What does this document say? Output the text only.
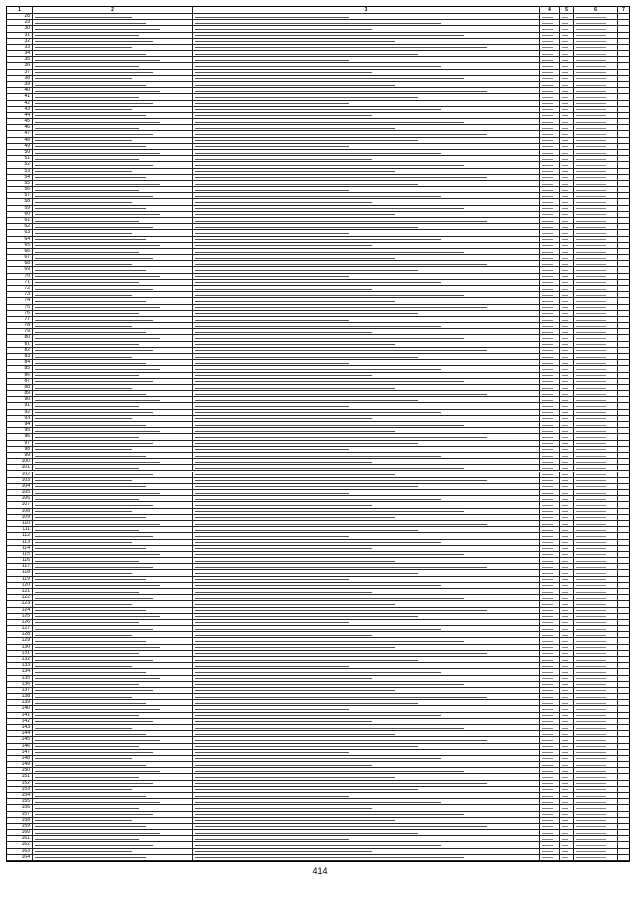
1	2	3	4	5	6	7
28
29
30
31
32
33
34
35
36
37
38
39
40
41
42
43
44
45
46
47
48
49
50
51
52
53
54
55
56
57
58
59
60
61
62
63
64
65
66
67
68
69
70
71
72
73
74
75
76
77
78
79
80
81
82
83
84
85
86
87
88
89
90
91
92
93
94
95
96
97
98
99
100
101
102
103
104
105
106
107
108
109
110
111
112
113
114
115
116
117
118
119
120
121
122
123
124
125
126
127
128
129
130
131
132
133
134
135
136
137
138
139
140
141
142
143
144
145
146
147
148
149
150
151
152
153
154
155
156
157
158
159
160
161
162
163
164
414
